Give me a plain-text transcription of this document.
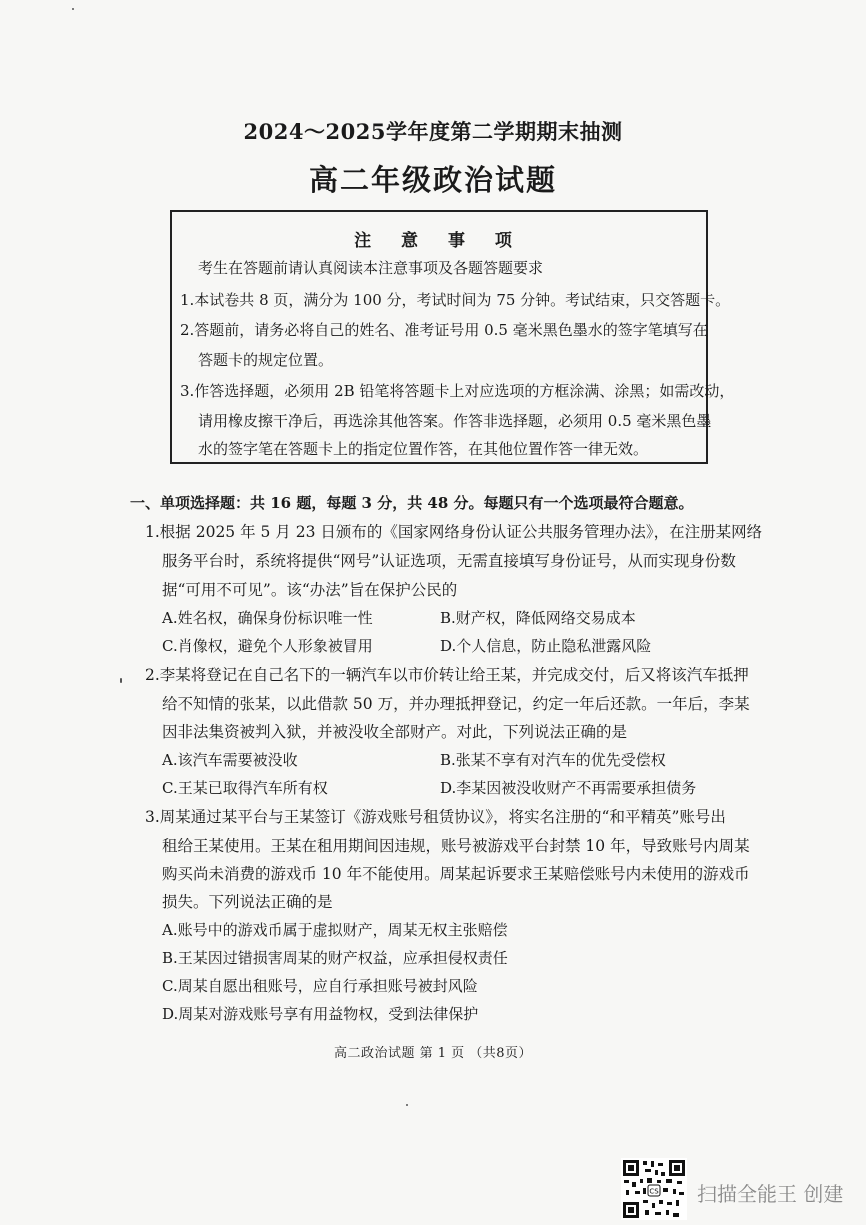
2024～2025学年度第二学期期末抽测
高二年级政治试题
注 意 事 项
考生在答题前请认真阅读本注意事项及各题答题要求
1.本试卷共 8 页，满分为 100 分，考试时间为 75 分钟。考试结束，只交答题卡。
2.答题前，请务必将自己的姓名、准考证号用 0.5 毫米黑色墨水的签字笔填写在
答题卡的规定位置。
3.作答选择题，必须用 2B 铅笔将答题卡上对应选项的方框涂满、涂黑；如需改动，
请用橡皮擦干净后，再选涂其他答案。作答非选择题，必须用 0.5 毫米黑色墨
水的签字笔在答题卡上的指定位置作答，在其他位置作答一律无效。
一、单项选择题：共 16 题，每题 3 分，共 48 分。每题只有一个选项最符合题意。
1.根据 2025 年 5 月 23 日颁布的《国家网络身份认证公共服务管理办法》，在注册某网络
服务平台时，系统将提供“网号”认证选项，无需直接填写身份证号，从而实现身份数
据“可用不可见”。该“办法”旨在保护公民的
A.姓名权，确保身份标识唯一性	B.财产权，降低网络交易成本
C.肖像权，避免个人形象被冒用	D.个人信息，防止隐私泄露风险
2.李某将登记在自己名下的一辆汽车以市价转让给王某，并完成交付，后又将该汽车抵押
给不知情的张某，以此借款 50 万，并办理抵押登记，约定一年后还款。一年后，李某
因非法集资被判入狱，并被没收全部财产。对此，下列说法正确的是
A.该汽车需要被没收	B.张某不享有对汽车的优先受偿权
C.王某已取得汽车所有权	D.李某因被没收财产不再需要承担债务
3.周某通过某平台与王某签订《游戏账号租赁协议》，将实名注册的“和平精英”账号出
租给王某使用。王某在租用期间因违规，账号被游戏平台封禁 10 年，导致账号内周某
购买尚未消费的游戏币 10 年不能使用。周某起诉要求王某赔偿账号内未使用的游戏币
损失。下列说法正确的是
A.账号中的游戏币属于虚拟财产，周某无权主张赔偿
B.王某因过错损害周某的财产权益，应承担侵权责任
C.周某自愿出租账号，应自行承担账号被封风险
D.周某对游戏账号享有用益物权，受到法律保护
高二政治试题 第 1 页 （共8页）
CS 扫描全能王 创建
